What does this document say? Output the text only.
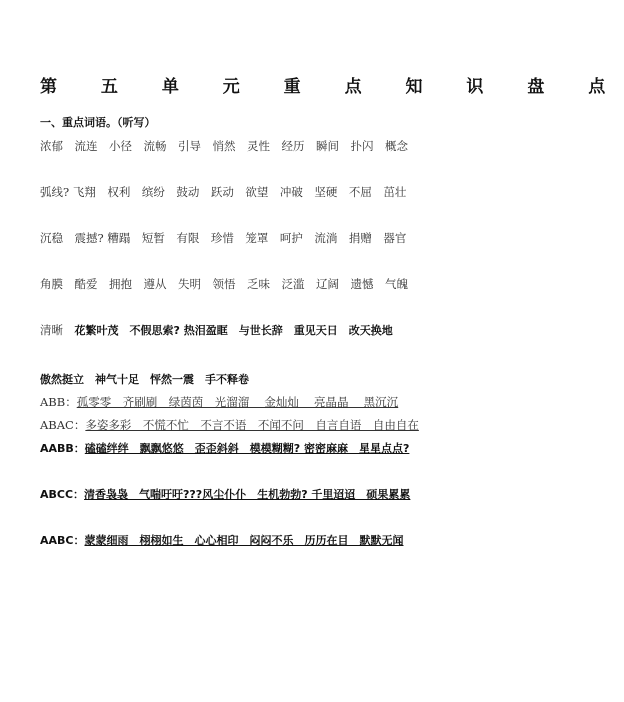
第 五 单 元 重 点 知 识 盘 点
一、重点词语。（听写）
浓郁　流连　小径　流畅　引导　悄然　灵性　经历　瞬间　扑闪　概念
弧线? 飞翔　权利　缤纷　鼓动　跃动　欲望　冲破　坚硬　不屈　茁壮
沉稳　震撼? 糟蹋　短暂　有限　珍惜　笼罩　呵护　流淌　捐赠　器官
角膜　酷爱　拥抱　遵从　失明　领悟　乏味　泛滥　辽阔　遗憾　气魄
清晰　 花繁叶茂　不假思索? 热泪盈眶　与世长辞　重见天日　改天换地
傲然挺立　神气十足　怦然一震　手不释卷
ABB：孤零零　齐刷刷　绿茵茵　光溜溜　 金灿灿　 亮晶晶　 黑沉沉
ABAC：多姿多彩　不慌不忙　不言不语　不闻不问　自言自语　自由自在
AABB：磕磕绊绊　飘飘悠悠　歪歪斜斜　模模糊糊? 密密麻麻　星星点点?
ABCC：清香袅袅　气喘吁吁???风尘仆仆　生机勃勃? 千里迢迢　硕果累累
AABC：蒙蒙细雨　栩栩如生　心心相印　闷闷不乐　历历在目　默默无闻
